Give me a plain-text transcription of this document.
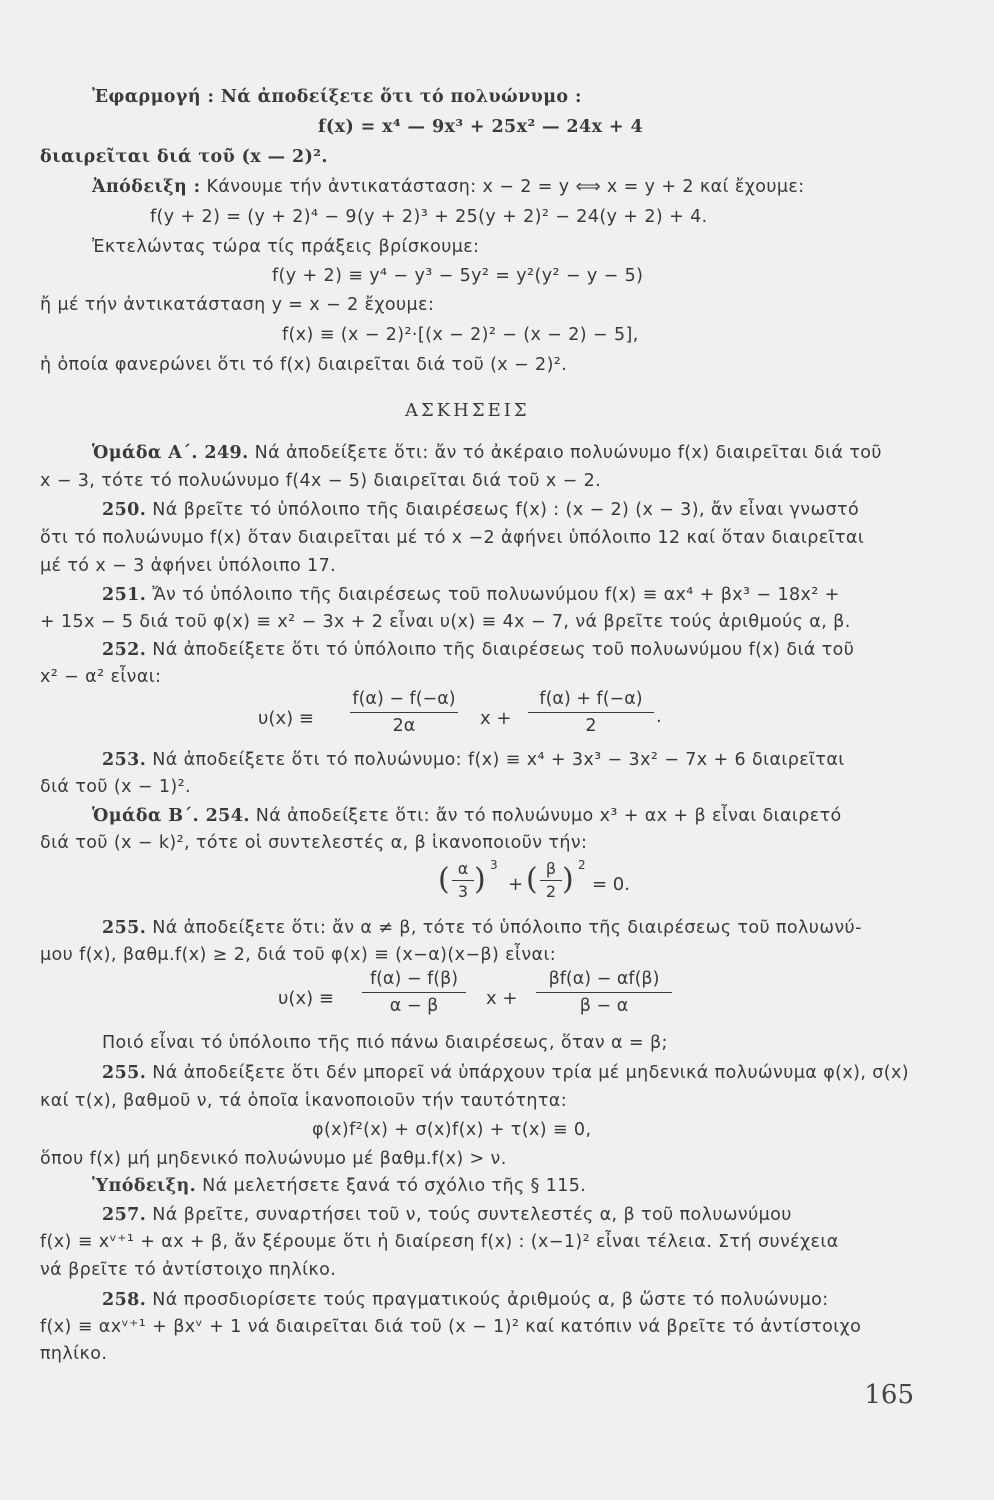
Ἐφαρμογή : Νά ἀποδείξετε ὅτι τό πολυώνυμο :
f(x) = x⁴ — 9x³ + 25x² — 24x + 4
διαιρεῖται διά τοῦ (x — 2)².
Ἀπόδειξη : Κάνουμε τήν ἀντικατάσταση: x − 2 = y ⟺ x = y + 2 καί ἔχουμε:
f(y + 2) = (y + 2)⁴ − 9(y + 2)³ + 25(y + 2)² − 24(y + 2) + 4.
Ἐκτελώντας τώρα τίς πράξεις βρίσκουμε:
f(y + 2) ≡ y⁴ − y³ − 5y² = y²(y² − y − 5)
ἤ μέ τήν ἀντικατάσταση y = x − 2 ἔχουμε:
f(x) ≡ (x − 2)²·[(x − 2)² − (x − 2) − 5],
ἡ ὁποία φανερώνει ὅτι τό f(x) διαιρεῖται διά τοῦ (x − 2)².
ΑΣΚΗΣΕΙΣ
Ὁμάδα Α΄. 249. Νά ἀποδείξετε ὅτι: ἄν τό ἀκέραιο πολυώνυμο f(x) διαιρεῖται διά τοῦ
x − 3, τότε τό πολυώνυμο f(4x − 5) διαιρεῖται διά τοῦ x − 2.
250. Νά βρεῖτε τό ὑπόλοιπο τῆς διαιρέσεως f(x) : (x − 2) (x − 3), ἄν εἶναι γνωστό
ὅτι τό πολυώνυμο f(x) ὅταν διαιρεῖται μέ τό x −2 ἀφήνει ὑπόλοιπο 12 καί ὅταν διαιρεῖται
μέ τό x − 3 ἀφήνει ὑπόλοιπο 17.
251. Ἄν τό ὑπόλοιπο τῆς διαιρέσεως τοῦ πολυωνύμου f(x) ≡ αx⁴ + βx³ − 18x² +
+ 15x − 5 διά τοῦ φ(x) ≡ x² − 3x + 2 εἶναι υ(x) ≡ 4x − 7, νά βρεῖτε τούς ἀριθμούς α, β.
252. Νά ἀποδείξετε ὅτι τό ὑπόλοιπο τῆς διαιρέσεως τοῦ πολυωνύμου f(x) διά τοῦ
x² − α² εἶναι:
υ(x) ≡
f(α) − f(−α)
2α	x +
f(α) + f(−α)
2	.
253. Νά ἀποδείξετε ὅτι τό πολυώνυμο: f(x) ≡ x⁴ + 3x³ − 3x² − 7x + 6 διαιρεῖται
διά τοῦ (x − 1)².
Ὁμάδα Β΄. 254. Νά ἀποδείξετε ὅτι: ἄν τό πολυώνυμο x³ + αx + β εἶναι διαιρετό
διά τοῦ (x − k)², τότε οἱ συντελεστές α, β ἱκανοποιοῦν τήν:
( α
3 ) 3
+ ( β
2 ) 2
= 0.
255. Νά ἀποδείξετε ὅτι: ἄν α ≠ β, τότε τό ὑπόλοιπο τῆς διαιρέσεως τοῦ πολυωνύ-
μου f(x), βαθμ.f(x) ≥ 2, διά τοῦ φ(x) ≡ (x−α)(x−β) εἶναι:
υ(x) ≡
f(α) − f(β)
α − β	x +
βf(α) − αf(β)
β − α
Ποιό εἶναι τό ὑπόλοιπο τῆς πιό πάνω διαιρέσεως, ὅταν α = β;
255. Νά ἀποδείξετε ὅτι δέν μπορεῖ νά ὑπάρχουν τρία μέ μηδενικά πολυώνυμα φ(x), σ(x)
καί τ(x), βαθμοῦ ν, τά ὁποῖα ἱκανοποιοῦν τήν ταυτότητα:
φ(x)f²(x) + σ(x)f(x) + τ(x) ≡ 0,
ὅπου f(x) μή μηδενικό πολυώνυμο μέ βαθμ.f(x) > ν.
Ὑπόδειξη. Νά μελετήσετε ξανά τό σχόλιο τῆς § 115.
257. Νά βρεῖτε, συναρτήσει τοῦ ν, τούς συντελεστές α, β τοῦ πολυωνύμου
f(x) ≡ xᵛ⁺¹ + αx + β, ἄν ξέρουμε ὅτι ἡ διαίρεση f(x) : (x−1)² εἶναι τέλεια. Στή συνέχεια
νά βρεῖτε τό ἀντίστοιχο πηλίκο.
258. Νά προσδιορίσετε τούς πραγματικούς ἀριθμούς α, β ὥστε τό πολυώνυμο:
f(x) ≡ αxᵛ⁺¹ + βxᵛ + 1 νά διαιρεῖται διά τοῦ (x − 1)² καί κατόπιν νά βρεῖτε τό ἀντίστοιχο
πηλίκο.
165
